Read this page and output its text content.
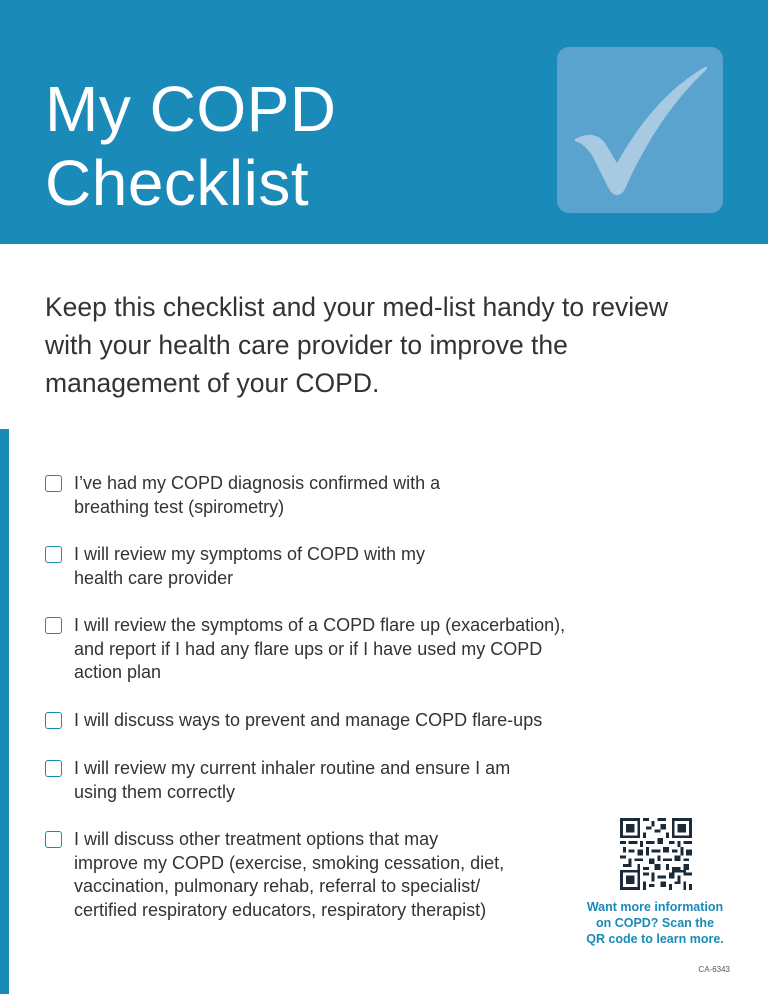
My COPD
Checklist

Keep this checklist and your med-list handy to review with your health care provider to improve the management of your COPD.

I’ve had my COPD diagnosis confirmed with a
breathing test (spirometry)
I will review my symptoms of COPD with my
health care provider
I will review the symptoms of a COPD flare up (exacerbation),
and report if I had any flare ups or if I have used my COPD
action plan
I will discuss ways to prevent and manage COPD flare-ups
I will review my current inhaler routine and ensure I am
using them correctly
I will discuss other treatment options that may
improve my COPD (exercise, smoking cessation, diet,
vaccination, pulmonary rehab, referral to specialist/
certified respiratory educators, respiratory therapist)	Want more information
on COPD? Scan the
QR code to learn more.

CA-6343
